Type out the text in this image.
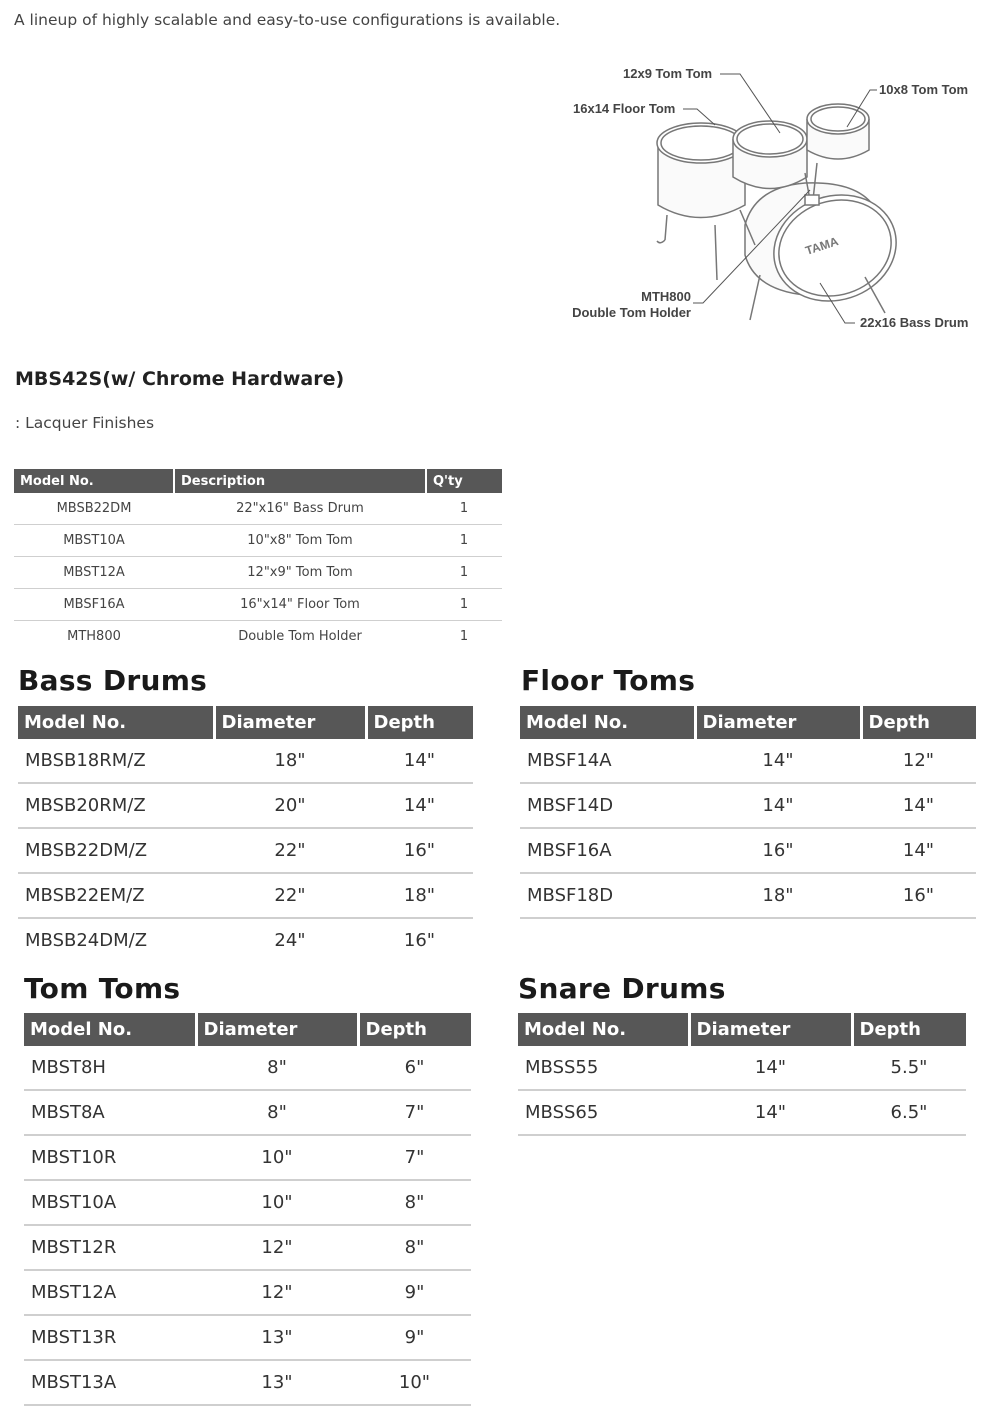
A lineup of highly scalable and easy-to-use configurations is available.

TAMA
12x9 Tom Tom
10x8 Tom Tom
16x14 Floor Tom
MTH800
Double Tom Holder
22x16 Bass Drum
MBS42S(w/ Chrome Hardware)

: Lacquer Finishes

Model No.	Description	Q'ty
MBSB22DM	22"x16" Bass Drum	1
MBST10A	10"x8" Tom Tom	1
MBST12A	12"x9" Tom Tom	1
MBSF16A	16"x14" Floor Tom	1
MTH800	Double Tom Holder	1
Bass Drums
Model No.	Diameter	Depth
MBSB18RM/Z	18"	14"
MBSB20RM/Z	20"	14"
MBSB22DM/Z	22"	16"
MBSB22EM/Z	22"	18"
MBSB24DM/Z	24"	16"
Floor Toms
Model No.	Diameter	Depth
MBSF14A	14"	12"
MBSF14D	14"	14"
MBSF16A	16"	14"
MBSF18D	18"	16"
Tom Toms
Model No.	Diameter	Depth
MBST8H	8"	6"
MBST8A	8"	7"
MBST10R	10"	7"
MBST10A	10"	8"
MBST12R	12"	8"
MBST12A	12"	9"
MBST13R	13"	9"
MBST13A	13"	10"
Snare Drums
Model No.	Diameter	Depth
MBSS55	14"	5.5"
MBSS65	14"	6.5"
